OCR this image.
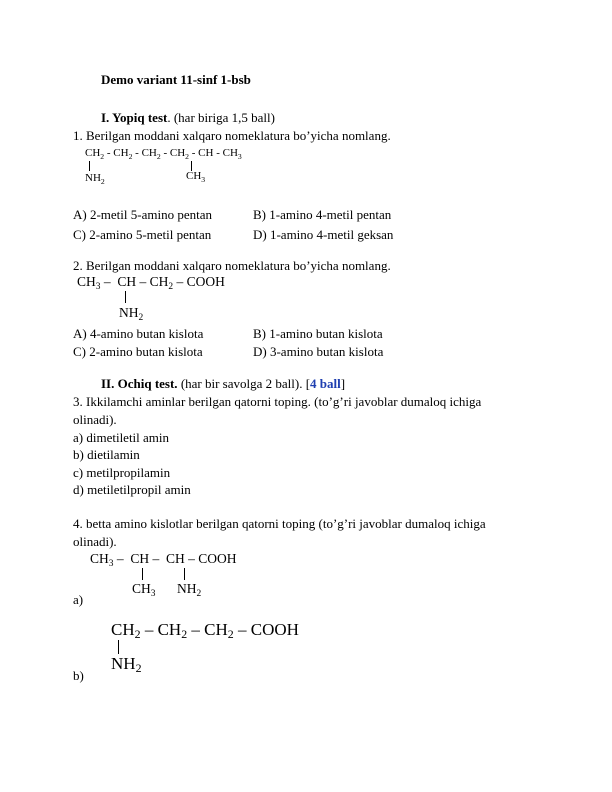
Demo variant 11-sinf 1-bsb
I. Yopiq test. (har biriga 1,5 ball)
1. Berilgan moddani xalqaro nomeklatura bo’yicha nomlang.
$CH_2 - CH_2 - CH_2 - CH_2$ - CH - $CH_3$
$NH_2$	$CH_3$
A) 2-metil 5-amino pentan	B) 1-amino 4-metil pentan
C) 2-amino 5-metil pentan	D) 1-amino 4-metil geksan
2. Berilgan moddani xalqaro nomeklatura bo’yicha nomlang.
$CH_3$ –  CH – $CH_2$ – COOH
$NH_2$
A) 4-amino butan kislota	B) 1-amino butan kislota
C) 2-amino butan kislota	D) 3-amino butan kislota
II. Ochiq test. (har bir savolga 2 ball). [4 ball]
3. Ikkilamchi aminlar berilgan qatorni toping. (to’g’ri javoblar dumaloq ichiga
olinadi).
a) dimetiletil amin
b) dietilamin
c) metilpropilamin
d) metiletilpropil amin
4. betta amino kislotlar berilgan qatorni toping (to’g’ri javoblar dumaloq ichiga
olinadi).
$CH_3$ –  CH –  CH – COOH
$CH_3$ $NH_2$
a)
$CH_2 - CH_2 - CH_2$ – COOH
$NH_2$
b)
